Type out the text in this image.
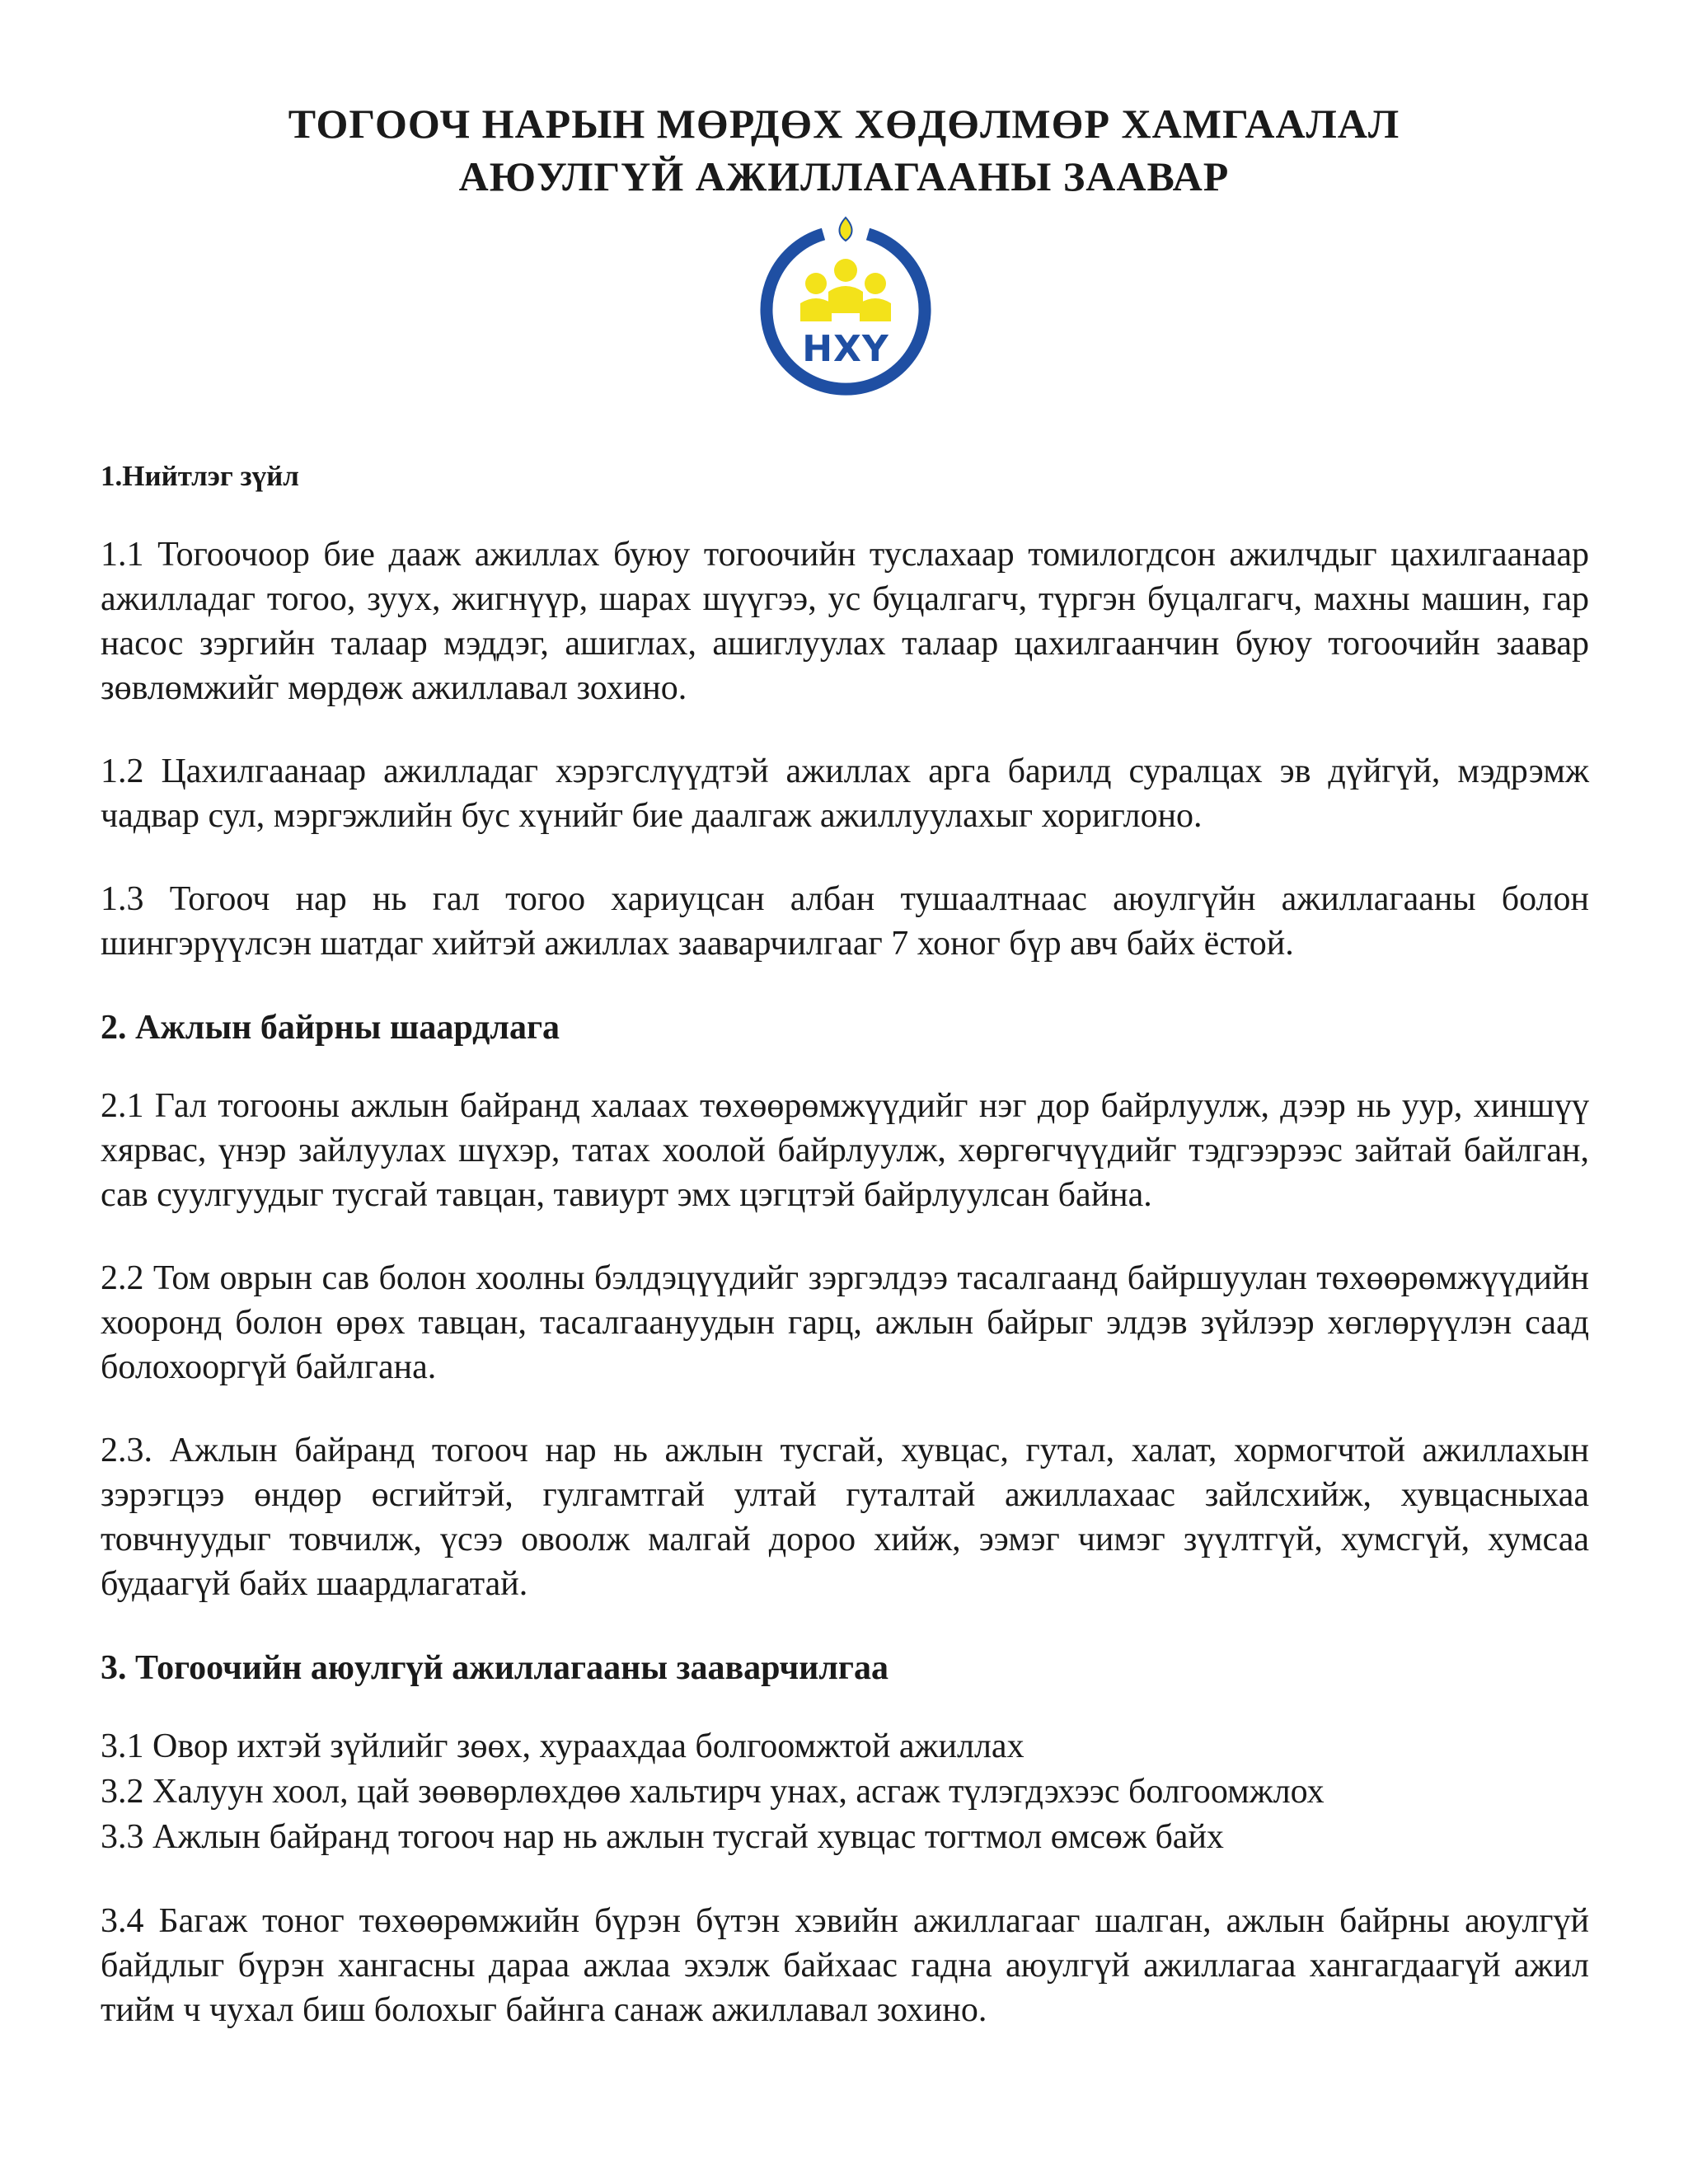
ТОГООЧ НАРЫН МӨРДӨХ ХӨДӨЛМӨР ХАМГААЛАЛ
АЮУЛГҮЙ АЖИЛЛАГААНЫ ЗААВАР
НХҮ
1.Нийтлэг зүйл
1.1 Тогоочоор бие дааж ажиллах буюу тогоочийн туслахаар томилогдсон ажилчдыг цахилгаанаар ажилладаг тогоо, зуух, жигнүүр, шарах шүүгээ, ус буцалгагч, түргэн буцалгагч, махны машин, гар насос зэргийн талаар мэддэг, ашиглах, ашиглуулах талаар цахилгаанчин буюу тогоочийн заавар зөвлөмжийг мөрдөж ажиллавал зохино.
1.2 Цахилгаанаар ажилладаг хэрэгслүүдтэй ажиллах арга барилд суралцах эв дүйгүй, мэдрэмж чадвар сул, мэргэжлийн бус хүнийг бие даалгаж ажиллуулахыг хориглоно.
1.3 Тогооч нар нь гал тогоо хариуцсан албан тушаалтнаас аюулгүйн ажиллагааны болон шингэрүүлсэн шатдаг хийтэй ажиллах зааварчилгааг 7 хоног бүр авч байх ёстой.
2. Ажлын байрны шаардлага
2.1 Гал тогооны ажлын байранд халаах төхөөрөмжүүдийг нэг дор байрлуулж, дээр нь уур, хиншүү хярвас, үнэр зайлуулах шүхэр, татах хоолой байрлуулж, хөргөгчүүдийг тэдгээрээс зайтай байлган, сав суулгуудыг тусгай тавцан, тавиурт эмх цэгцтэй байрлуулсан байна.
2.2 Том оврын сав болон хоолны бэлдэцүүдийг зэргэлдээ тасалгаанд байршуулан төхөөрөмжүүдийн хооронд болон өрөх тавцан, тасалгаануудын гарц, ажлын байрыг элдэв зүйлээр хөглөрүүлэн саад болохооргүй байлгана.
2.3. Ажлын байранд тогооч нар нь ажлын тусгай, хувцас, гутал, халат, хормогчтой ажиллахын зэрэгцээ өндөр өсгийтэй, гулгамтгай ултай гуталтай ажиллахаас зайлсхийж, хувцасныхаа товчнуудыг товчилж, үсээ овоолж малгай дороо хийж, ээмэг чимэг зүүлтгүй, хумсгүй, хумсаа будаагүй байх шаардлагатай.
3. Тогоочийн аюулгүй ажиллагааны зааварчилгаа
3.1 Овор ихтэй зүйлийг зөөх, хураахдаа болгоомжтой ажиллах
3.2 Халуун хоол, цай зөөвөрлөхдөө хальтирч унах, асгаж түлэгдэхээс болгоомжлох
3.3 Ажлын байранд тогооч нар нь ажлын тусгай хувцас тогтмол өмсөж байх
3.4 Багаж тоног төхөөрөмжийн бүрэн бүтэн хэвийн ажиллагааг шалган, ажлын байрны аюулгүй байдлыг бүрэн хангасны дараа ажлаа эхэлж байхаас гадна аюулгүй ажиллагаа хангагдаагүй ажил тийм ч чухал биш болохыг байнга санаж ажиллавал зохино.
